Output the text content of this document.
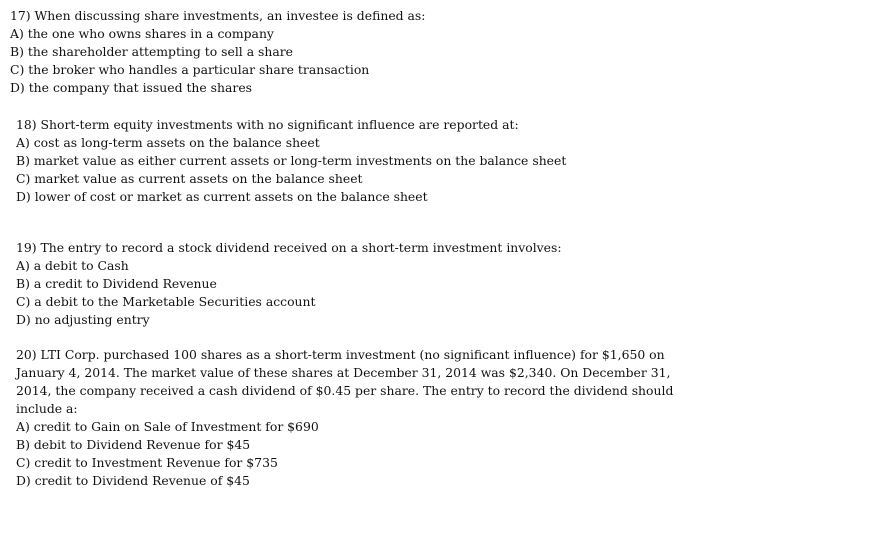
17) When discussing share investments, an investee is defined as:
A) the one who owns shares in a company
B) the shareholder attempting to sell a share
C) the broker who handles a particular share transaction
D) the company that issued the shares
18) Short-term equity investments with no significant influence are reported at:
A) cost as long-term assets on the balance sheet
B) market value as either current assets or long-term investments on the balance sheet
C) market value as current assets on the balance sheet
D) lower of cost or market as current assets on the balance sheet
19) The entry to record a stock dividend received on a short-term investment involves:
A) a debit to Cash
B) a credit to Dividend Revenue
C) a debit to the Marketable Securities account
D) no adjusting entry
20) LTI Corp. purchased 100 shares as a short-term investment (no significant influence) for $1,650 on
January 4, 2014. The market value of these shares at December 31, 2014 was $2,340. On December 31,
2014, the company received a cash dividend of $0.45 per share. The entry to record the dividend should
include a:
A) credit to Gain on Sale of Investment for $690
B) debit to Dividend Revenue for $45
C) credit to Investment Revenue for $735
D) credit to Dividend Revenue of $45
